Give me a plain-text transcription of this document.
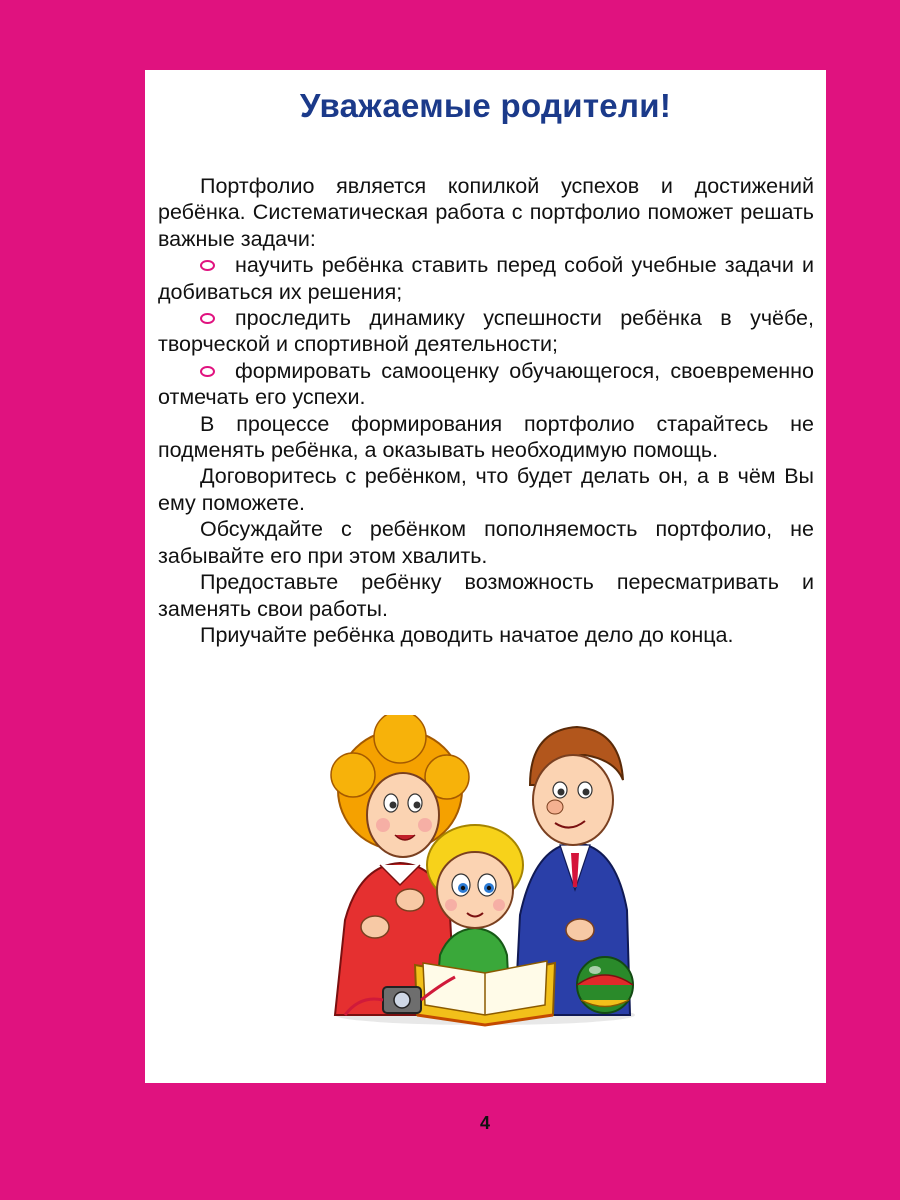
Уважаемые родители!

Портфолио является копилкой успехов и достижений ребёнка. Систематическая работа с портфолио поможет решать важные задачи:

научить ребёнка ставить перед собой учебные задачи и добиваться их решения;

проследить динамику успешности ребёнка в учёбе, творческой и спортивной деятельности;

формировать самооценку обучающегося, своевременно отмечать его успехи.

В процессе формирования портфолио старайтесь не подменять ребёнка, а оказывать необходимую помощь.

Договоритесь с ребёнком, что будет делать он, а в чём Вы ему поможете.

Обсуждайте с ребёнком пополняемость портфолио, не забывайте его при этом хвалить.

Предоставьте ребёнку возможность пересматривать и заменять свои работы.

Приучайте ребёнка доводить начатое дело до конца.

4
